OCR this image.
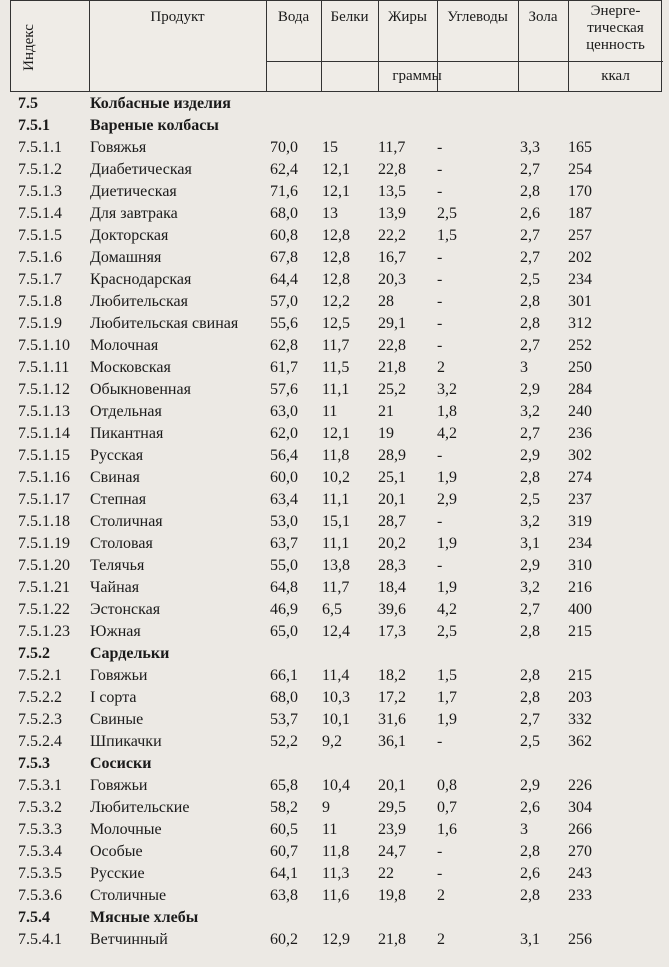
Индекс
Продукт	Вода	Белки	Жиры	Углеводы	Зола	Энерге-
тическая
ценность
граммы	ккал
7.5	Колбасные изделия
7.5.1	Вареные колбасы
7.5.1.1 Говяжья	70,0 15	11,7 -	3,3 165
7.5.1.2 Диабетическая	62,4 12,1 22,8 -	2,7 254
7.5.1.3 Диетическая	71,6 12,1 13,5 -	2,8 170
7.5.1.4 Для завтрака	68,0 13	13,9 2,5	2,6 187
7.5.1.5 Докторская	60,8 12,8 22,2 1,5	2,7 257
7.5.1.6 Домашняя	67,8 12,8 16,7 -	2,7 202
7.5.1.7 Краснодарская	64,4 12,8 20,3 -	2,5 234
7.5.1.8 Любительская	57,0 12,2 28	-	2,8 301
7.5.1.9 Любительская свиная 55,6 12,5 29,1 -	2,8 312
7.5.1.10 Молочная	62,8 11,7 22,8 -	2,7 252
7.5.1.11 Московская	61,7 11,5 21,8 2	3	250
7.5.1.12 Обыкновенная	57,6 11,1 25,2 3,2	2,9 284
7.5.1.13 Отдельная	63,0 11	21	1,8	3,2 240
7.5.1.14 Пикантная	62,0 12,1 19	4,2	2,7 236
7.5.1.15 Русская	56,4 11,8 28,9 -	2,9 302
7.5.1.16 Свиная	60,0 10,2 25,1 1,9	2,8 274
7.5.1.17 Степная	63,4 11,1 20,1 2,9	2,5 237
7.5.1.18 Столичная	53,0 15,1 28,7 -	3,2 319
7.5.1.19 Столовая	63,7 11,1 20,2 1,9	3,1 234
7.5.1.20 Телячья	55,0 13,8 28,3 -	2,9 310
7.5.1.21 Чайная	64,8 11,7 18,4 1,9	3,2 216
7.5.1.22 Эстонская	46,9 6,5 39,6 4,2	2,7 400
7.5.1.23 Южная	65,0 12,4 17,3 2,5	2,8 215
7.5.2	Сардельки
7.5.2.1 Говяжьи	66,1 11,4 18,2 1,5	2,8 215
7.5.2.2 I сорта	68,0 10,3 17,2 1,7	2,8 203
7.5.2.3 Свиные	53,7 10,1 31,6 1,9	2,7 332
7.5.2.4 Шпикачки	52,2 9,2 36,1 -	2,5 362
7.5.3	Сосиски
7.5.3.1 Говяжьи	65,8 10,4 20,1 0,8	2,9 226
7.5.3.2 Любительские	58,2 9	29,5 0,7	2,6 304
7.5.3.3 Молочные	60,5 11	23,9 1,6	3	266
7.5.3.4 Особые	60,7 11,8 24,7 -	2,8 270
7.5.3.5 Русские	64,1 11,3 22	-	2,6 243
7.5.3.6 Столичные	63,8 11,6 19,8 2	2,8 233
7.5.4	Мясные хлебы
7.5.4.1 Ветчинный	60,2 12,9 21,8 2	3,1 256
